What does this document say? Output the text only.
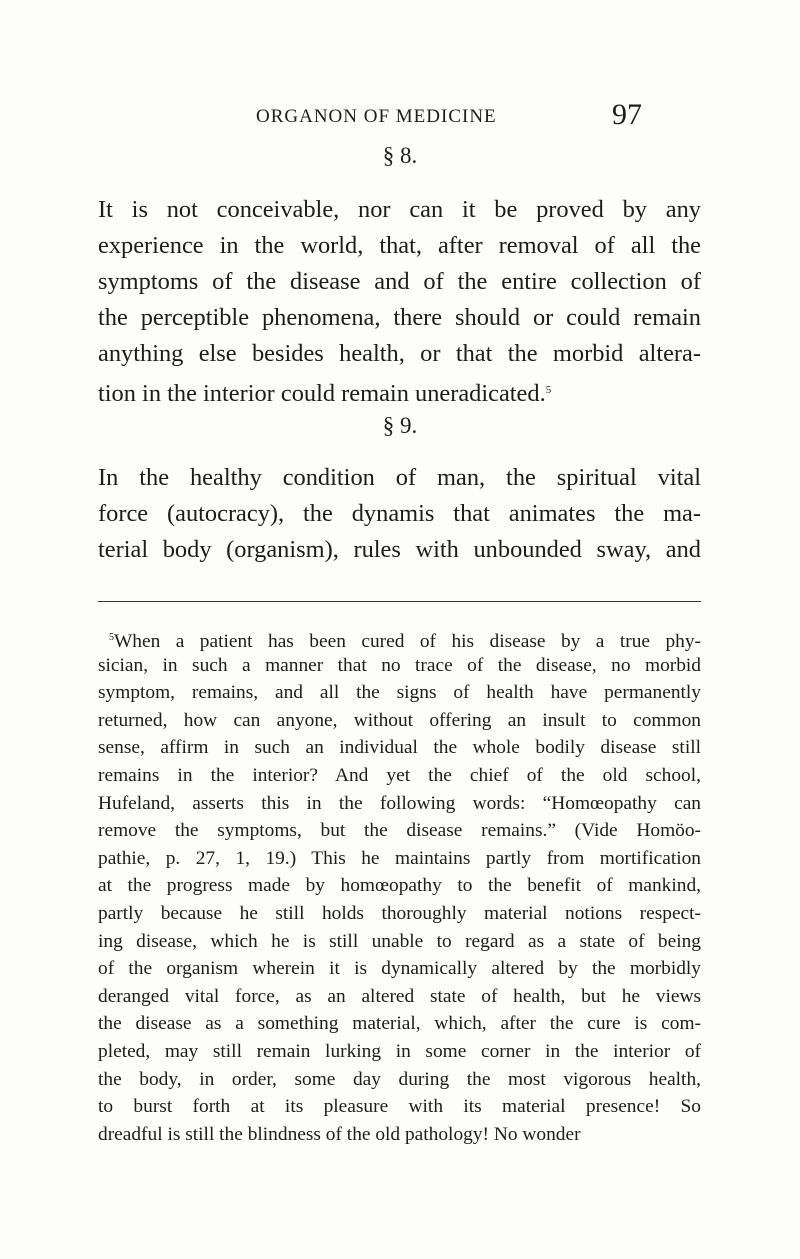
ORGANON OF MEDICINE	97
§ 8.
It is not conceivable, nor can it be proved by any
experience in the world, that, after removal of all the
symptoms of the disease and of the entire collection of
the perceptible phenomena, there should or could remain
anything else besides health, or that the morbid altera-
tion in the interior could remain uneradicated.$^5$
§ 9.
In the healthy condition of man, the spiritual vital
force (autocracy), the dynamis that animates the ma-
terial body (organism), rules with unbounded sway, and
$^5$When a patient has been cured of his disease by a true phy-
sician, in such a manner that no trace of the disease, no morbid
symptom, remains, and all the signs of health have permanently
returned, how can anyone, without offering an insult to common
sense, affirm in such an individual the whole bodily disease still
remains in the interior? And yet the chief of the old school,
Hufeland, asserts this in the following words: “Homœopathy can
remove the symptoms, but the disease remains.” (Vide Homöo-
pathie, p. 27, 1, 19.) This he maintains partly from mortification
at the progress made by homœopathy to the benefit of mankind,
partly because he still holds thoroughly material notions respect-
ing disease, which he is still unable to regard as a state of being
of the organism wherein it is dynamically altered by the morbidly
deranged vital force, as an altered state of health, but he views
the disease as a something material, which, after the cure is com-
pleted, may still remain lurking in some corner in the interior of
the body, in order, some day during the most vigorous health,
to burst forth at its pleasure with its material presence! So
dreadful is still the blindness of the old pathology! No wonder
